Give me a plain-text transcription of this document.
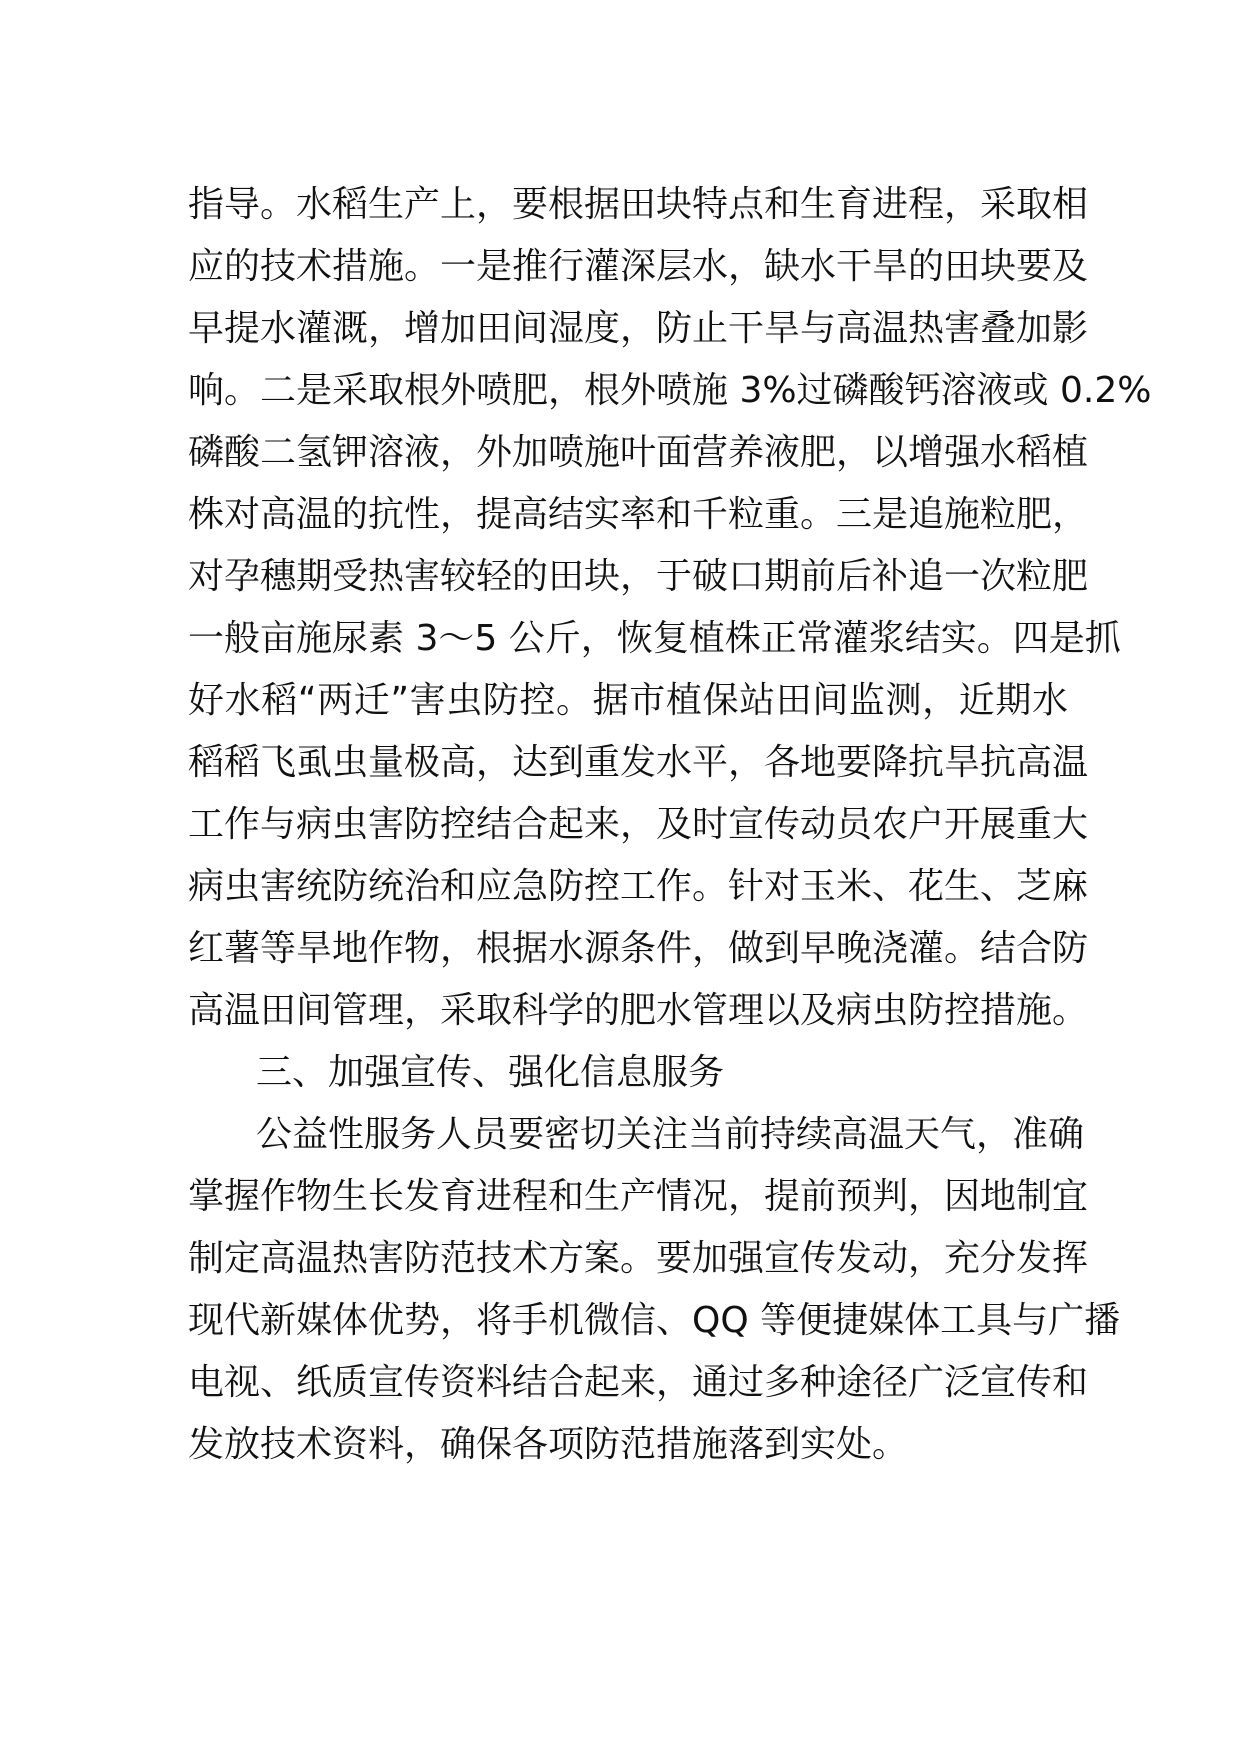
指导。水稻生产上，要根据田块特点和生育进程，采取相
应的技术措施。一是推行灌深层水，缺水干旱的田块要及
早提水灌溉，增加田间湿度，防止干旱与高温热害叠加影
响。二是采取根外喷肥，根外喷施 3%过磷酸钙溶液或 0.2%
磷酸二氢钾溶液，外加喷施叶面营养液肥，以增强水稻植
株对高温的抗性，提高结实率和千粒重。三是追施粒肥，
对孕穗期受热害较轻的田块，于破口期前后补追一次粒肥
一般亩施尿素 3～5 公斤，恢复植株正常灌浆结实。四是抓
好水稻“两迁”害虫防控。据市植保站田间监测，近期水
稻稻飞虱虫量极高，达到重发水平，各地要降抗旱抗高温
工作与病虫害防控结合起来，及时宣传动员农户开展重大
病虫害统防统治和应急防控工作。针对玉米、花生、芝麻
红薯等旱地作物，根据水源条件，做到早晚浇灌。结合防
高温田间管理，采取科学的肥水管理以及病虫防控措施。
三、加强宣传、强化信息服务
公益性服务人员要密切关注当前持续高温天气，准确
掌握作物生长发育进程和生产情况，提前预判，因地制宜
制定高温热害防范技术方案。要加强宣传发动，充分发挥
现代新媒体优势，将手机微信、QQ 等便捷媒体工具与广播
电视、纸质宣传资料结合起来，通过多种途径广泛宣传和
发放技术资料，确保各项防范措施落到实处。
